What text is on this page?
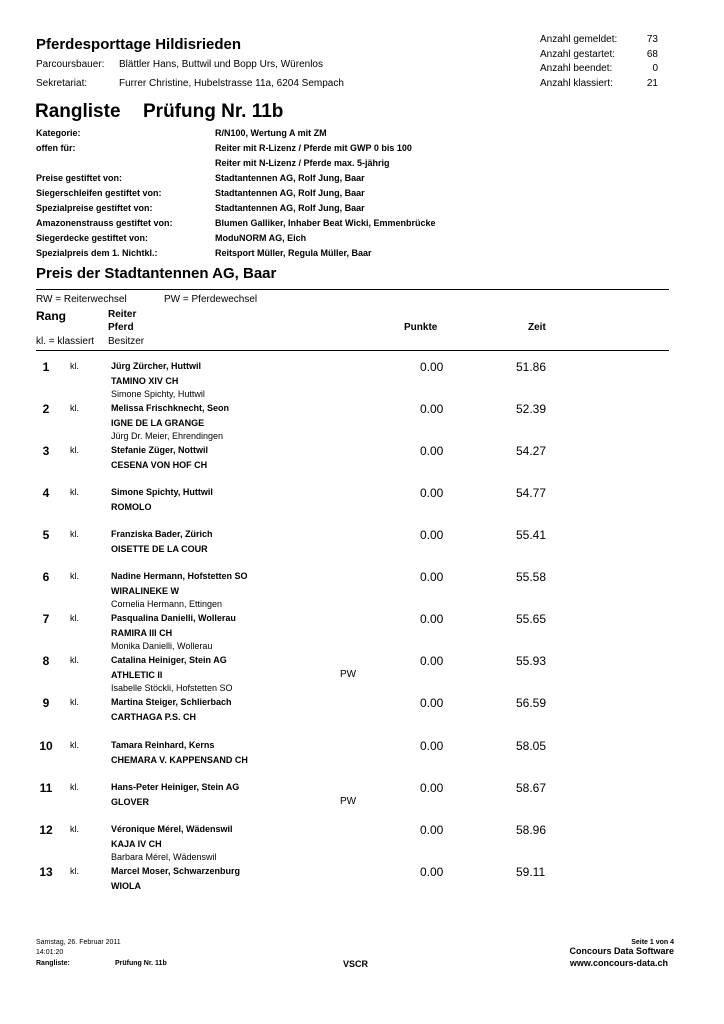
Pferdesporttage Hildisrieden
Parcoursbauer: Blättler Hans, Buttwil und Bopp Urs, Würenlos
Sekretariat:	Furrer Christine, Hubelstrasse 11a, 6204 Sempach
Anzahl gemeldet:	73
Anzahl gestartet:	68
Anzahl beendet:	0
Anzahl klassiert:	21
Rangliste Prüfung Nr. 11b
Kategorie:	R/N100, Wertung A mit ZM
offen für:	Reiter mit R-Lizenz / Pferde mit GWP 0 bis 100
Reiter mit N-Lizenz / Pferde max. 5-jährig
Preise gestiftet von:	Stadtantennen AG, Rolf Jung, Baar
Siegerschleifen gestiftet von:	Stadtantennen AG, Rolf Jung, Baar
Spezialpreise gestiftet von:	Stadtantennen AG, Rolf Jung, Baar
Amazonenstrauss gestiftet von:	Blumen Galliker, Inhaber Beat Wicki, Emmenbrücke
Siegerdecke gestiftet von:	ModuNORM AG, Eich
Spezialpreis dem 1. Nichtkl.:	Reitsport Müller, Regula Müller, Baar
Preis der Stadtantennen AG, Baar
RW = Reiterwechsel	PW = Pferdewechsel
Rang	Reiter
Pferd
kl. = klassiert Besitzer
Punkte	Zeit
1	kl.	Jürg Zürcher, Huttwil
TAMINO XIV CH
Simone Spichty, Huttwil
0.00	51.86
2	kl.	Melissa Frischknecht, Seon
IGNE DE LA GRANGE
Jürg Dr. Meier, Ehrendingen
0.00	52.39
3	kl.	Stefanie Züger, Nottwil
CESENA VON HOF CH
0.00	54.27
4	kl.	Simone Spichty, Huttwil
ROMOLO
0.00	54.77
5	kl.	Franziska Bader, Zürich
OISETTE DE LA COUR
0.00	55.41
6	kl.	Nadine Hermann, Hofstetten SO
WIRALINEKE W
Cornelia Hermann, Ettingen
0.00	55.58
7	kl.	Pasqualina Danielli, Wollerau
RAMIRA III CH
Monika Danielli, Wollerau
0.00	55.65
8	kl.	Catalina Heiniger, Stein AG
ATHLETIC II
Isabelle Stöckli, Hofstetten SO
PW
0.00	55.93
9	kl.	Martina Steiger, Schlierbach
CARTHAGA P.S. CH
0.00	56.59
10	kl.	Tamara Reinhard, Kerns
CHEMARA V. KAPPENSAND CH
0.00	58.05
11	kl.	Hans-Peter Heiniger, Stein AG
GLOVER	PW
0.00	58.67
12	kl.	Véronique Mérel, Wädenswil
KAJA IV CH
Barbara Mérel, Wädenswil
0.00	58.96
13	kl.	Marcel Moser, Schwarzenburg
WIOLA
0.00	59.11
Samstag, 26. Februar 2011
14:01:20
Rangliste:	Prüfung Nr. 11b	VSCR
Seite 1 von 4
Concours Data Software
www.concours-data.ch
